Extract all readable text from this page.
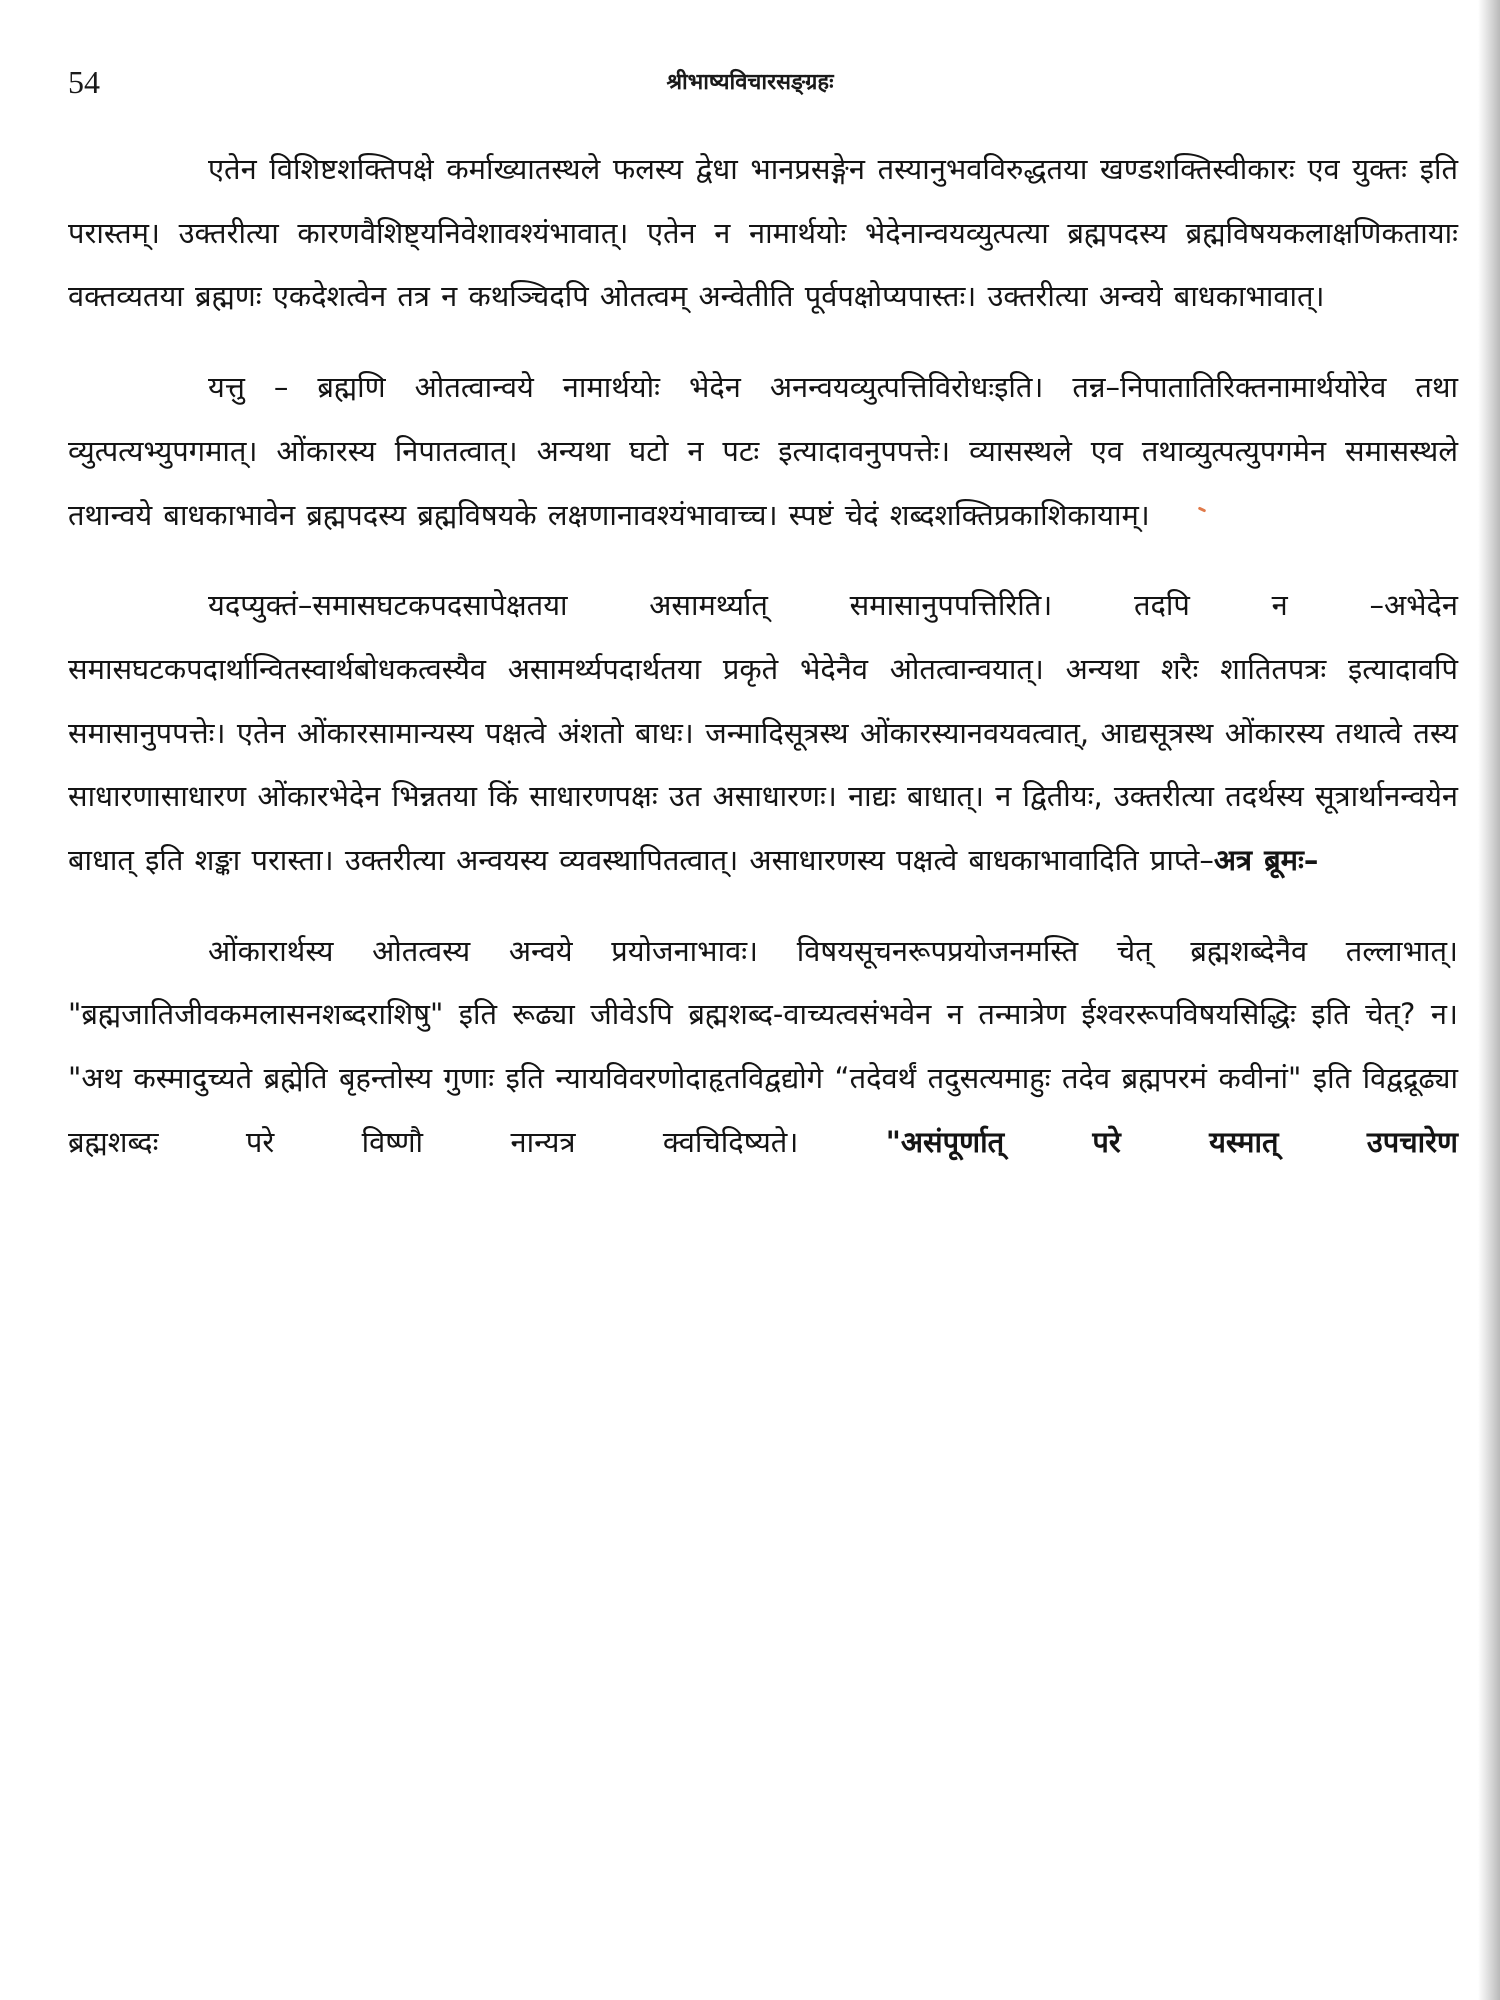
54	श्रीभाष्यविचारसङ्ग्रहः

एतेन विशिष्टशक्तिपक्षे कर्माख्यातस्थले फलस्य द्वेधा भानप्रसङ्गेन तस्यानुभवविरुद्धतया खण्डशक्तिस्वीकारः एव युक्तः इति परास्तम्। उक्तरीत्या कारणवैशिष्ट्यनिवेशावश्यंभावात्। एतेन न नामार्थयोः भेदेनान्वयव्युत्पत्या ब्रह्मपदस्य ब्रह्मविषयकलाक्षणिकतायाः वक्तव्यतया ब्रह्मणः एकदेशत्वेन तत्र न कथञ्चिदपि ओतत्वम् अन्वेतीति पूर्वपक्षोप्यपास्तः। उक्तरीत्या अन्वये बाधकाभावात्।

यत्तु – ब्रह्मणि ओतत्वान्वये नामार्थयोः भेदेन अनन्वयव्युत्पत्तिविरोधःइति। तन्न–निपातातिरिक्तनामार्थयोरेव तथा व्युत्पत्यभ्युपगमात्। ओंकारस्य निपातत्वात्। अन्यथा घटो न पटः इत्यादावनुपपत्तेः। व्यासस्थले एव तथाव्युत्पत्युपगमेन समासस्थले तथान्वये बाधकाभावेन ब्रह्मपदस्य ब्रह्मविषयके लक्षणानावश्यंभावाच्च। स्पष्टं चेदं शब्दशक्तिप्रकाशिकायाम्।

यदप्युक्तं–समासघटकपदसापेक्षतया असामर्थ्यात् समासानुपपत्तिरिति। तदपि न –अभेदेन समासघटकपदार्थान्वितस्वार्थबोधकत्वस्यैव असामर्थ्यपदार्थतया प्रकृते भेदेनैव ओतत्वान्वयात्। अन्यथा शरैः शातितपत्रः इत्यादावपि समासानुपपत्तेः। एतेन ओंकारसामान्यस्य पक्षत्वे अंशतो बाधः। जन्मादिसूत्रस्थ ओंकारस्यानवयवत्वात्, आद्यसूत्रस्थ ओंकारस्य तथात्वे तस्य साधारणासाधारण ओंकारभेदेन भिन्नतया किं साधारणपक्षः उत असाधारणः। नाद्यः बाधात्। न द्वितीयः, उक्तरीत्या तदर्थस्य सूत्रार्थानन्वयेन बाधात् इति शङ्का परास्ता। उक्तरीत्या अन्वयस्य व्यवस्थापितत्वात्। असाधारणस्य पक्षत्वे बाधकाभावादिति प्राप्ते–अत्र ब्रूमः–

ओंकारार्थस्य ओतत्वस्य अन्वये प्रयोजनाभावः। विषयसूचनरूपप्रयोजनमस्ति चेत् ब्रह्मशब्देनैव तल्लाभात्। "ब्रह्मजातिजीवकमलासनशब्दराशिषु" इति रूढ्या जीवेऽपि ब्रह्मशब्द-वाच्यत्वसंभवेन न तन्मात्रेण ईश्वररूपविषयसिद्धिः इति चेत्? न। "अथ कस्मादुच्यते ब्रह्मेति बृहन्तोस्य गुणाः इति न्यायविवरणोदाहृतविद्वद्योगे “तदेवर्थं तदुसत्यमाहुः तदेव ब्रह्मपरमं कवीनां" इति विद्वद्रूढ्या ब्रह्मशब्दः परे विष्णौ नान्यत्र क्वचिदिष्यते। "असंपूर्णात् परे यस्मात् उपचारेण
